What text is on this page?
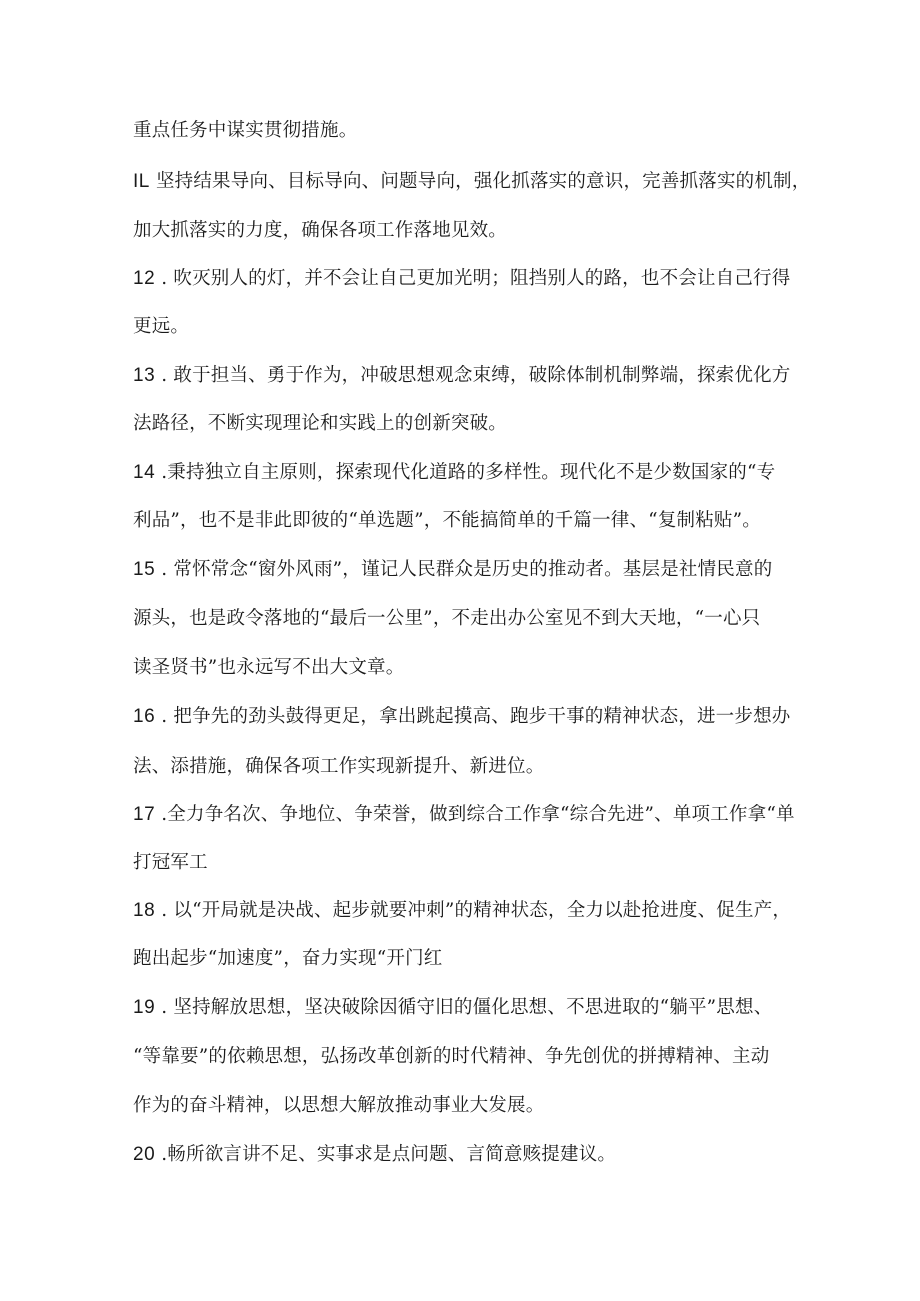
重点任务中谋实贯彻措施。
IL 坚持结果导向、目标导向、问题导向，强化抓落实的意识，完善抓落实的机制，
加大抓落实的力度，确保各项工作落地见效。
12 . 吹灭别人的灯，并不会让自己更加光明；阻挡别人的路，也不会让自己行得
更远。
13 . 敢于担当、勇于作为，冲破思想观念束缚，破除体制机制弊端，探索优化方
法路径，不断实现理论和实践上的创新突破。
14 .秉持独立自主原则，探索现代化道路的多样性。现代化不是少数国家的“专
利品”，也不是非此即彼的“单选题”，不能搞简单的千篇一律、“复制粘贴”。
15 . 常怀常念“窗外风雨”，谨记人民群众是历史的推动者。基层是社情民意的
源头，也是政令落地的“最后一公里”，不走出办公室见不到大天地，“一心只
读圣贤书”也永远写不出大文章。
16 . 把争先的劲头鼓得更足，拿出跳起摸高、跑步干事的精神状态，进一步想办
法、添措施，确保各项工作实现新提升、新进位。
17 .全力争名次、争地位、争荣誉，做到综合工作拿“综合先进”、单项工作拿“单
打冠军工
18 . 以“开局就是决战、起步就要冲刺”的精神状态，全力以赴抢进度、促生产，
跑出起步“加速度”，奋力实现“开门红
19 . 坚持解放思想，坚决破除因循守旧的僵化思想、不思进取的“躺平”思想、
“等靠要”的依赖思想，弘扬改革创新的时代精神、争先创优的拼搏精神、主动
作为的奋斗精神，以思想大解放推动事业大发展。
20 .畅所欲言讲不足、实事求是点问题、言简意赅提建议。
